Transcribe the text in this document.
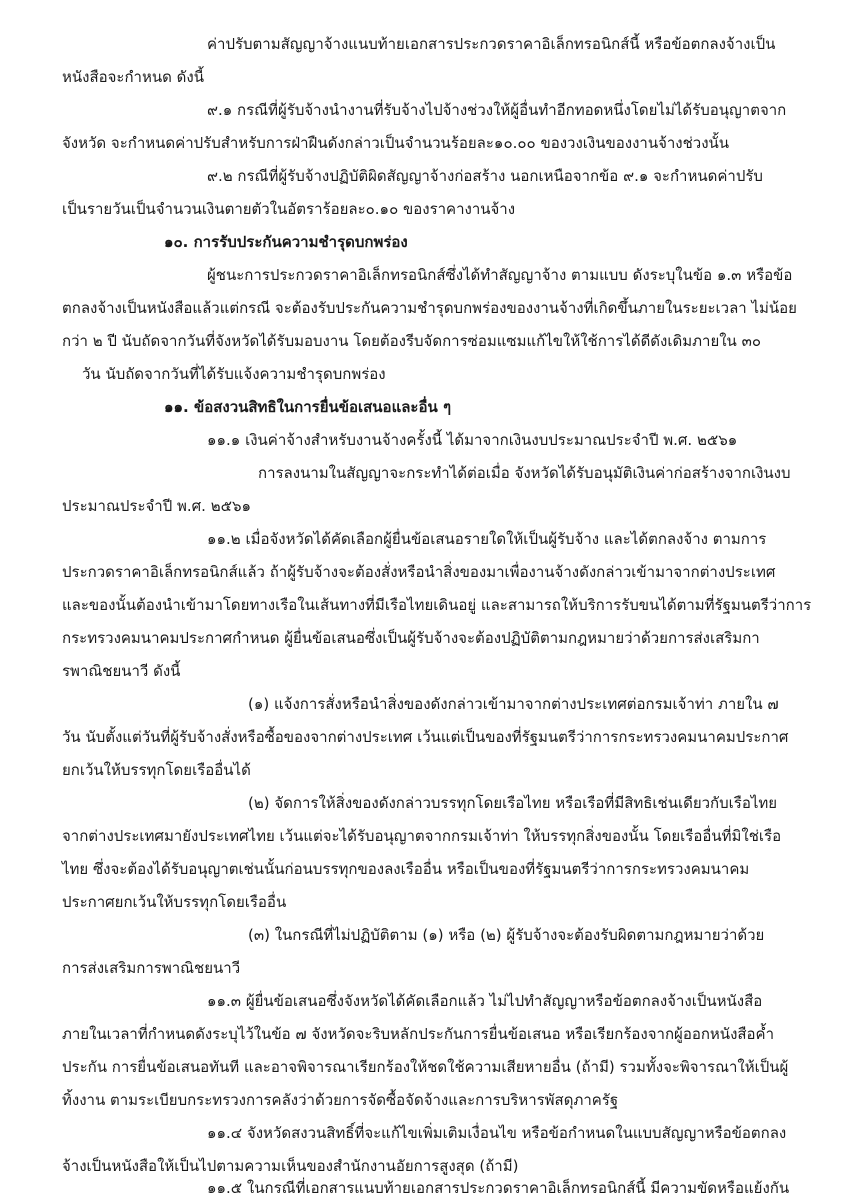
ค่าปรับตามสัญญาจ้างแนบท้ายเอกสารประกวดราคาอิเล็กทรอนิกส์นี้ หรือข้อตกลงจ้างเป็น
หนังสือจะกำหนด ดังนี้
๙.๑ กรณีที่ผู้รับจ้างนำงานที่รับจ้างไปจ้างช่วงให้ผู้อื่นทำอีกทอดหนึ่งโดยไม่ได้รับอนุญาตจาก
จังหวัด จะกำหนดค่าปรับสำหรับการฝ่าฝืนดังกล่าวเป็นจำนวนร้อยละ๑๐.๐๐ ของวงเงินของงานจ้างช่วงนั้น
๙.๒ กรณีที่ผู้รับจ้างปฏิบัติผิดสัญญาจ้างก่อสร้าง นอกเหนือจากข้อ ๙.๑ จะกำหนดค่าปรับ
เป็นรายวันเป็นจำนวนเงินตายตัวในอัตราร้อยละ๐.๑๐ ของราคางานจ้าง
๑๐. การรับประกันความชำรุดบกพร่อง
ผู้ชนะการประกวดราคาอิเล็กทรอนิกส์ซึ่งได้ทำสัญญาจ้าง ตามแบบ ดังระบุในข้อ ๑.๓ หรือข้อ
ตกลงจ้างเป็นหนังสือแล้วแต่กรณี จะต้องรับประกันความชำรุดบกพร่องของงานจ้างที่เกิดขึ้นภายในระยะเวลา ไม่น้อย
กว่า ๒ ปี นับถัดจากวันที่จังหวัดได้รับมอบงาน โดยต้องรีบจัดการซ่อมแซมแก้ไขให้ใช้การได้ดีดังเดิมภายใน ๓๐
วัน นับถัดจากวันที่ได้รับแจ้งความชำรุดบกพร่อง
๑๑. ข้อสงวนสิทธิในการยื่นข้อเสนอและอื่น ๆ
๑๑.๑ เงินค่าจ้างสำหรับงานจ้างครั้งนี้ ได้มาจากเงินงบประมาณประจำปี พ.ศ. ๒๕๖๑
การลงนามในสัญญาจะกระทำได้ต่อเมื่อ จังหวัดได้รับอนุมัติเงินค่าก่อสร้างจากเงินงบ
ประมาณประจำปี พ.ศ. ๒๕๖๑
๑๑.๒ เมื่อจังหวัดได้คัดเลือกผู้ยื่นข้อเสนอรายใดให้เป็นผู้รับจ้าง และได้ตกลงจ้าง ตามการ
ประกวดราคาอิเล็กทรอนิกส์แล้ว ถ้าผู้รับจ้างจะต้องสั่งหรือนำสิ่งของมาเพื่องานจ้างดังกล่าวเข้ามาจากต่างประเทศ
และของนั้นต้องนำเข้ามาโดยทางเรือในเส้นทางที่มีเรือไทยเดินอยู่ และสามารถให้บริการรับขนได้ตามที่รัฐมนตรีว่าการ
กระทรวงคมนาคมประกาศกำหนด ผู้ยื่นข้อเสนอซึ่งเป็นผู้รับจ้างจะต้องปฏิบัติตามกฎหมายว่าด้วยการส่งเสริมกา
รพาณิชยนาวี ดังนี้
(๑) แจ้งการสั่งหรือนำสิ่งของดังกล่าวเข้ามาจากต่างประเทศต่อกรมเจ้าท่า ภายใน ๗
วัน นับตั้งแต่วันที่ผู้รับจ้างสั่งหรือซื้อของจากต่างประเทศ เว้นแต่เป็นของที่รัฐมนตรีว่าการกระทรวงคมนาคมประกาศ
ยกเว้นให้บรรทุกโดยเรืออื่นได้
(๒) จัดการให้สิ่งของดังกล่าวบรรทุกโดยเรือไทย หรือเรือที่มีสิทธิเช่นเดียวกับเรือไทย
จากต่างประเทศมายังประเทศไทย เว้นแต่จะได้รับอนุญาตจากกรมเจ้าท่า ให้บรรทุกสิ่งของนั้น โดยเรืออื่นที่มิใช่เรือ
ไทย ซึ่งจะต้องได้รับอนุญาตเช่นนั้นก่อนบรรทุกของลงเรืออื่น หรือเป็นของที่รัฐมนตรีว่าการกระทรวงคมนาคม
ประกาศยกเว้นให้บรรทุกโดยเรืออื่น
(๓) ในกรณีที่ไม่ปฏิบัติตาม (๑) หรือ (๒) ผู้รับจ้างจะต้องรับผิดตามกฎหมายว่าด้วย
การส่งเสริมการพาณิชยนาวี
๑๑.๓ ผู้ยื่นข้อเสนอซึ่งจังหวัดได้คัดเลือกแล้ว ไม่ไปทำสัญญาหรือข้อตกลงจ้างเป็นหนังสือ
ภายในเวลาที่กำหนดดังระบุไว้ในข้อ ๗ จังหวัดจะริบหลักประกันการยื่นข้อเสนอ หรือเรียกร้องจากผู้ออกหนังสือค้ำ
ประกัน การยื่นข้อเสนอทันที และอาจพิจารณาเรียกร้องให้ชดใช้ความเสียหายอื่น (ถ้ามี) รวมทั้งจะพิจารณาให้เป็นผู้
ทิ้งงาน ตามระเบียบกระทรวงการคลังว่าด้วยการจัดซื้อจัดจ้างและการบริหารพัสดุภาครัฐ
๑๑.๔ จังหวัดสงวนสิทธิ์ที่จะแก้ไขเพิ่มเติมเงื่อนไข หรือข้อกำหนดในแบบสัญญาหรือข้อตกลง
จ้างเป็นหนังสือให้เป็นไปตามความเห็นของสำนักงานอัยการสูงสุด (ถ้ามี)
๑๑.๕ ในกรณีที่เอกสารแนบท้ายเอกสารประกวดราคาอิเล็กทรอนิกส์นี้ มีความขัดหรือแย้งกัน
